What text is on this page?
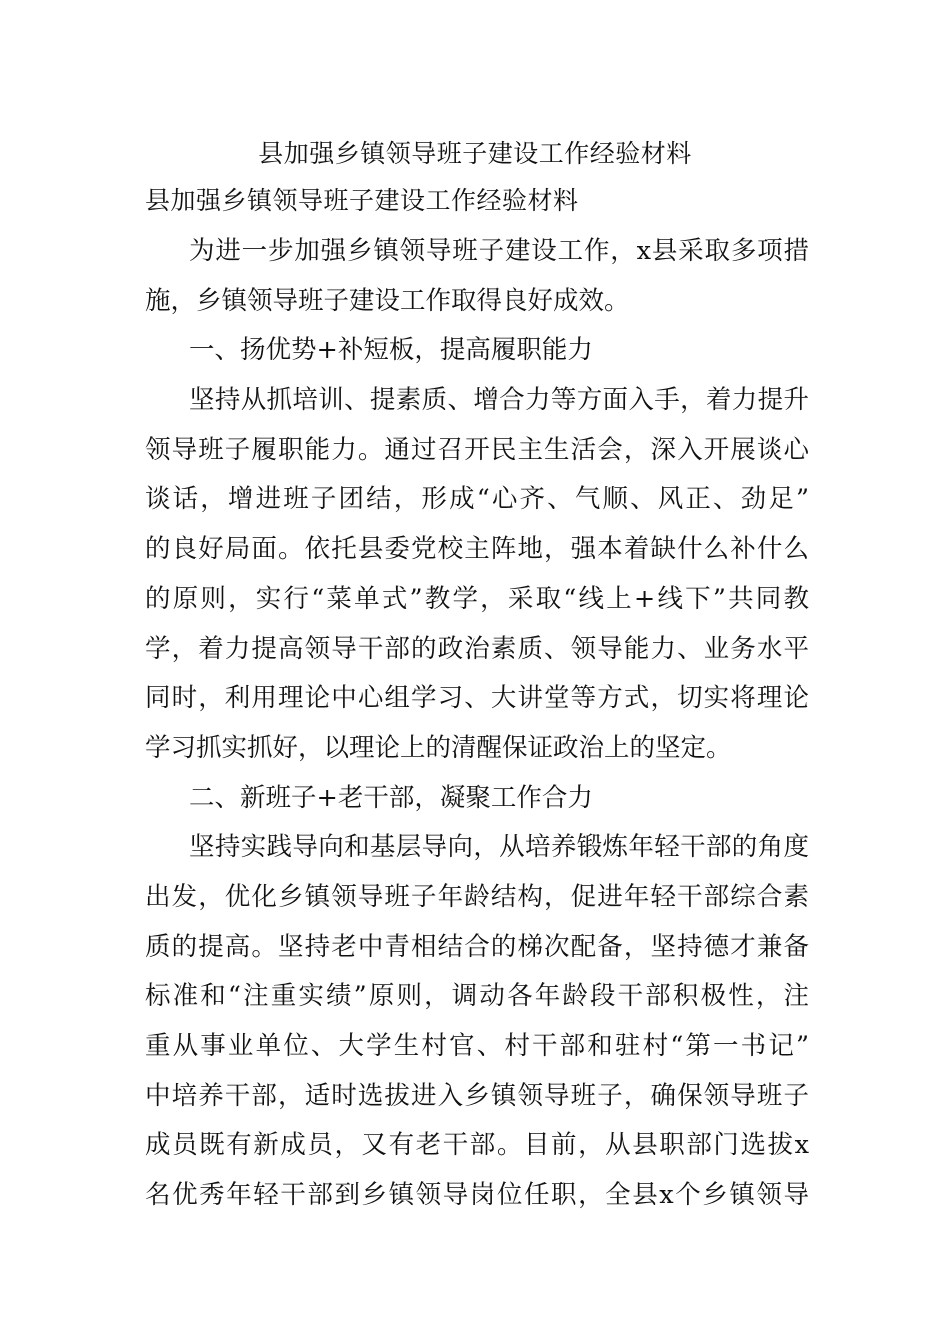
县加强乡镇领导班子建设工作经验材料
县加强乡镇领导班子建设工作经验材料
为进一步加强乡镇领导班子建设工作，x县采取多项措
施，乡镇领导班子建设工作取得良好成效。
一、扬优势+补短板，提高履职能力
坚持从抓培训、提素质、增合力等方面入手，着力提升
领导班子履职能力。通过召开民主生活会，深入开展谈心
谈话，增进班子团结，形成“心齐、气顺、风正、劲足”
的良好局面。依托县委党校主阵地，强本着缺什么补什么
的原则，实行“菜单式”教学，采取“线上+线下”共同教
学，着力提高领导干部的政治素质、领导能力、业务水平
同时，利用理论中心组学习、大讲堂等方式，切实将理论
学习抓实抓好，以理论上的清醒保证政治上的坚定。
二、新班子+老干部，凝聚工作合力
坚持实践导向和基层导向，从培养锻炼年轻干部的角度
出发，优化乡镇领导班子年龄结构，促进年轻干部综合素
质的提高。坚持老中青相结合的梯次配备，坚持德才兼备
标准和“注重实绩”原则，调动各年龄段干部积极性，注
重从事业单位、大学生村官、村干部和驻村“第一书记”
中培养干部，适时选拔进入乡镇领导班子，确保领导班子
成员既有新成员，又有老干部。目前，从县职部门选拔x
名优秀年轻干部到乡镇领导岗位任职，全县x个乡镇领导
